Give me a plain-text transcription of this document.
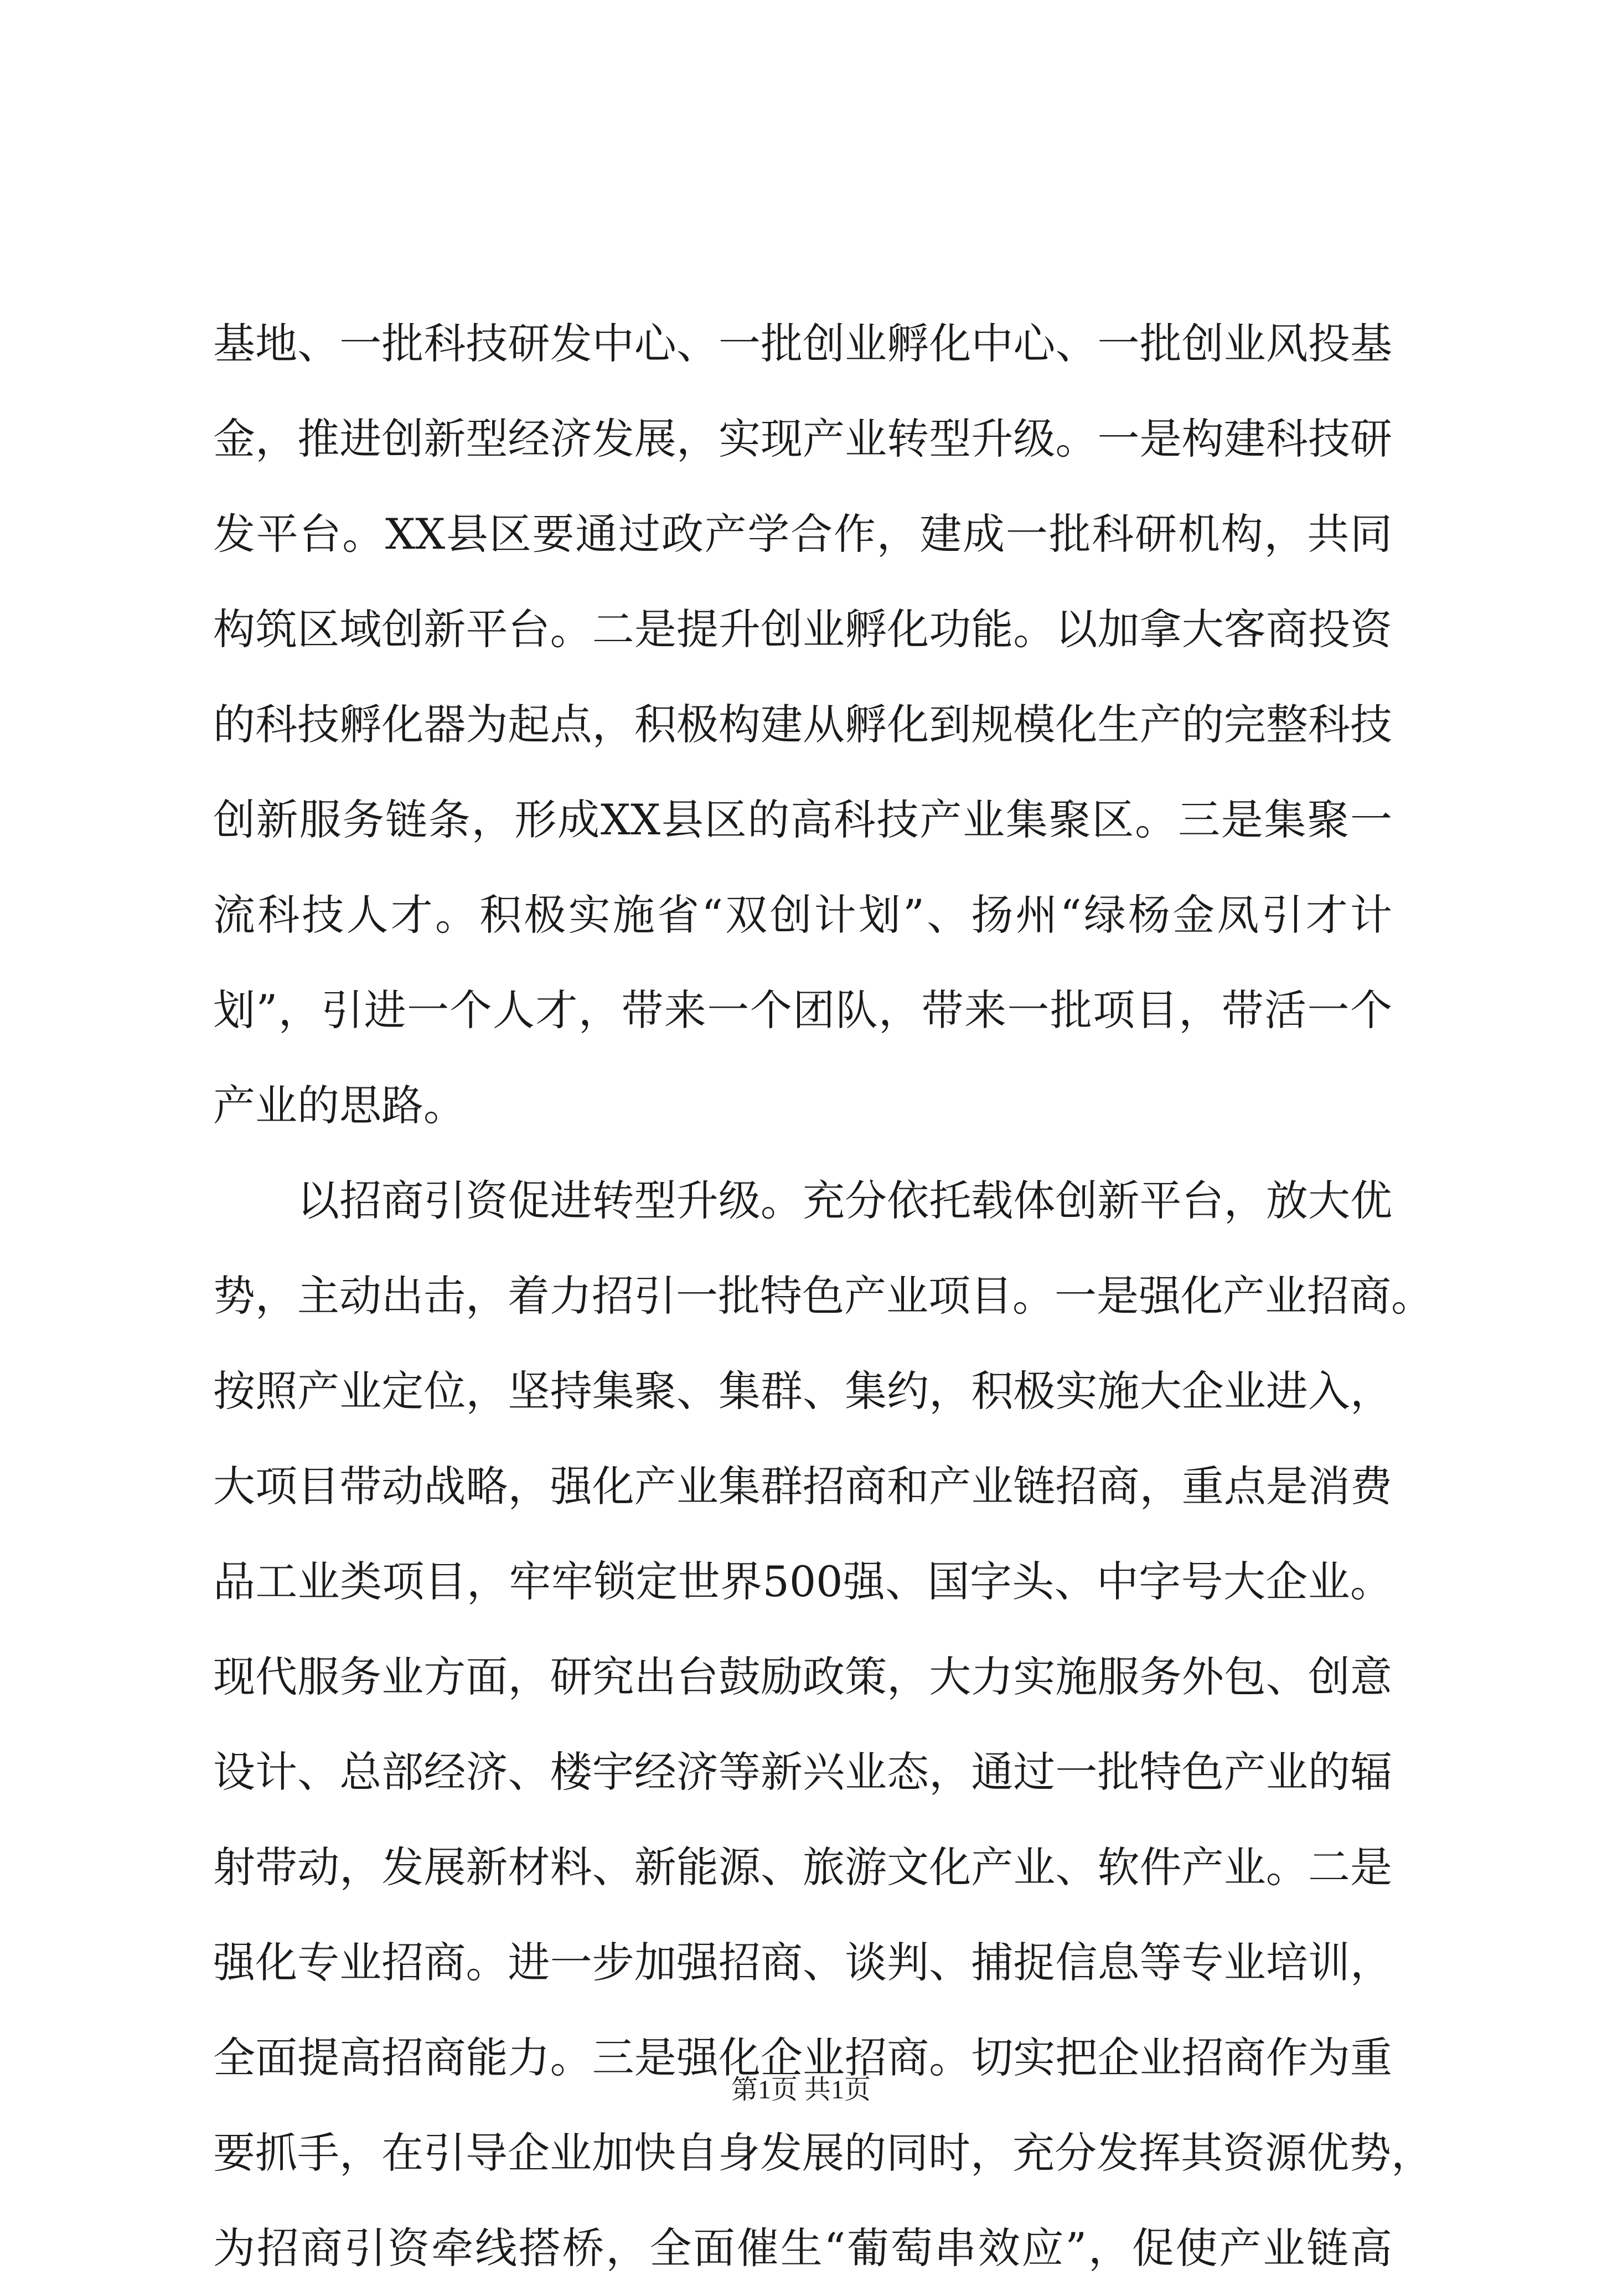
基地、一批科技研发中心、一批创业孵化中心、一批创业风投基
金，推进创新型经济发展，实现产业转型升级。一是构建科技研
发平台。XX县区要通过政产学合作，建成一批科研机构，共同
构筑区域创新平台。二是提升创业孵化功能。以加拿大客商投资
的科技孵化器为起点，积极构建从孵化到规模化生产的完整科技
创新服务链条，形成XX县区的高科技产业集聚区。三是集聚一
流科技人才。积极实施省“双创计划”、扬州“绿杨金凤引才计
划”，引进一个人才，带来一个团队，带来一批项目，带活一个
产业的思路。
以招商引资促进转型升级。充分依托载体创新平台，放大优
势，主动出击，着力招引一批特色产业项目。一是强化产业招商。
按照产业定位，坚持集聚、集群、集约，积极实施大企业进入，
大项目带动战略，强化产业集群招商和产业链招商，重点是消费
品工业类项目，牢牢锁定世界500强、国字头、中字号大企业。
现代服务业方面，研究出台鼓励政策，大力实施服务外包、创意
设计、总部经济、楼宇经济等新兴业态，通过一批特色产业的辐
射带动，发展新材料、新能源、旅游文化产业、软件产业。二是
强化专业招商。进一步加强招商、谈判、捕捉信息等专业培训，
全面提高招商能力。三是强化企业招商。切实把企业招商作为重
要抓手，在引导企业加快自身发展的同时，充分发挥其资源优势，
为招商引资牵线搭桥，全面催生“葡萄串效应”，促使产业链高
第1页 共1页
